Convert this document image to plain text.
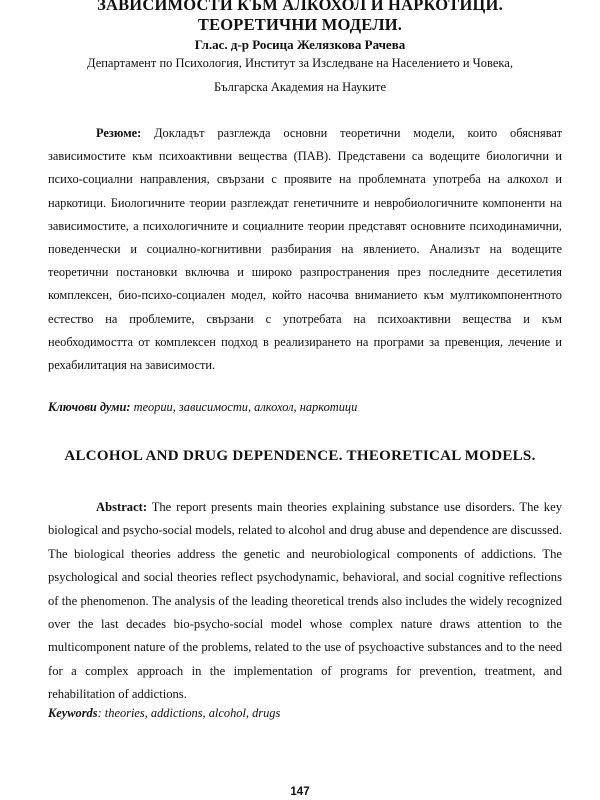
ЗАВИСИМОСТИ КЪМ АЛКОХОЛ И НАРКОТИЦИ.
ТЕОРЕТИЧНИ МОДЕЛИ.
Гл.ас. д-р Росица Желязкова Рачева
Департамент по Психология, Институт за Изследване на Населението и Човека,
Българска Академия на Науките

Резюме: Докладът разглежда основни теоретични модели, които обясняват зависимостите към психоактивни вещества (ПАВ). Представени са водещите биологични и психо-социални направления, свързани с проявите на проблемната употреба на алкохол и наркотици. Биологичните теории разглеждат генетичните и невробиологичните компоненти на зависимостите, а психологичните и социалните теории представят основните психодинамични, поведенчески и социално-когнитивни разбирания на явлението. Анализът на водещите теоретични постановки включва и широко разпространения през последните десетилетия комплексен, био-психо-социален модел, който насочва вниманието към мултикомпонентното естество на проблемите, свързани с употребата на психоактивни вещества и към необходимостта от комплексен подход в реализирането на програми за превенция, лечение и рехабилитация на зависимости.

Ключови думи: теории, зависимости, алкохол, наркотици
ALCOHOL AND DRUG DEPENDENCE. THEORETICAL MODELS.

Abstract: The report presents main theories explaining substance use disorders. The key biological and psycho-social models, related to alcohol and drug abuse and dependence are discussed. The biological theories address the genetic and neurobiological components of addictions. The psychological and social theories reflect psychodynamic, behavioral, and social cognitive reflections of the phenomenon. The analysis of the leading theoretical trends also includes the widely recognized over the last decades bio-psycho-social model whose complex nature draws attention to the multicomponent nature of the problems, related to the use of psychoactive substances and to the need for a complex approach in the implementation of programs for prevention, treatment, and rehabilitation of addictions.

Keywords: theories, addictions, alcohol, drugs
147
